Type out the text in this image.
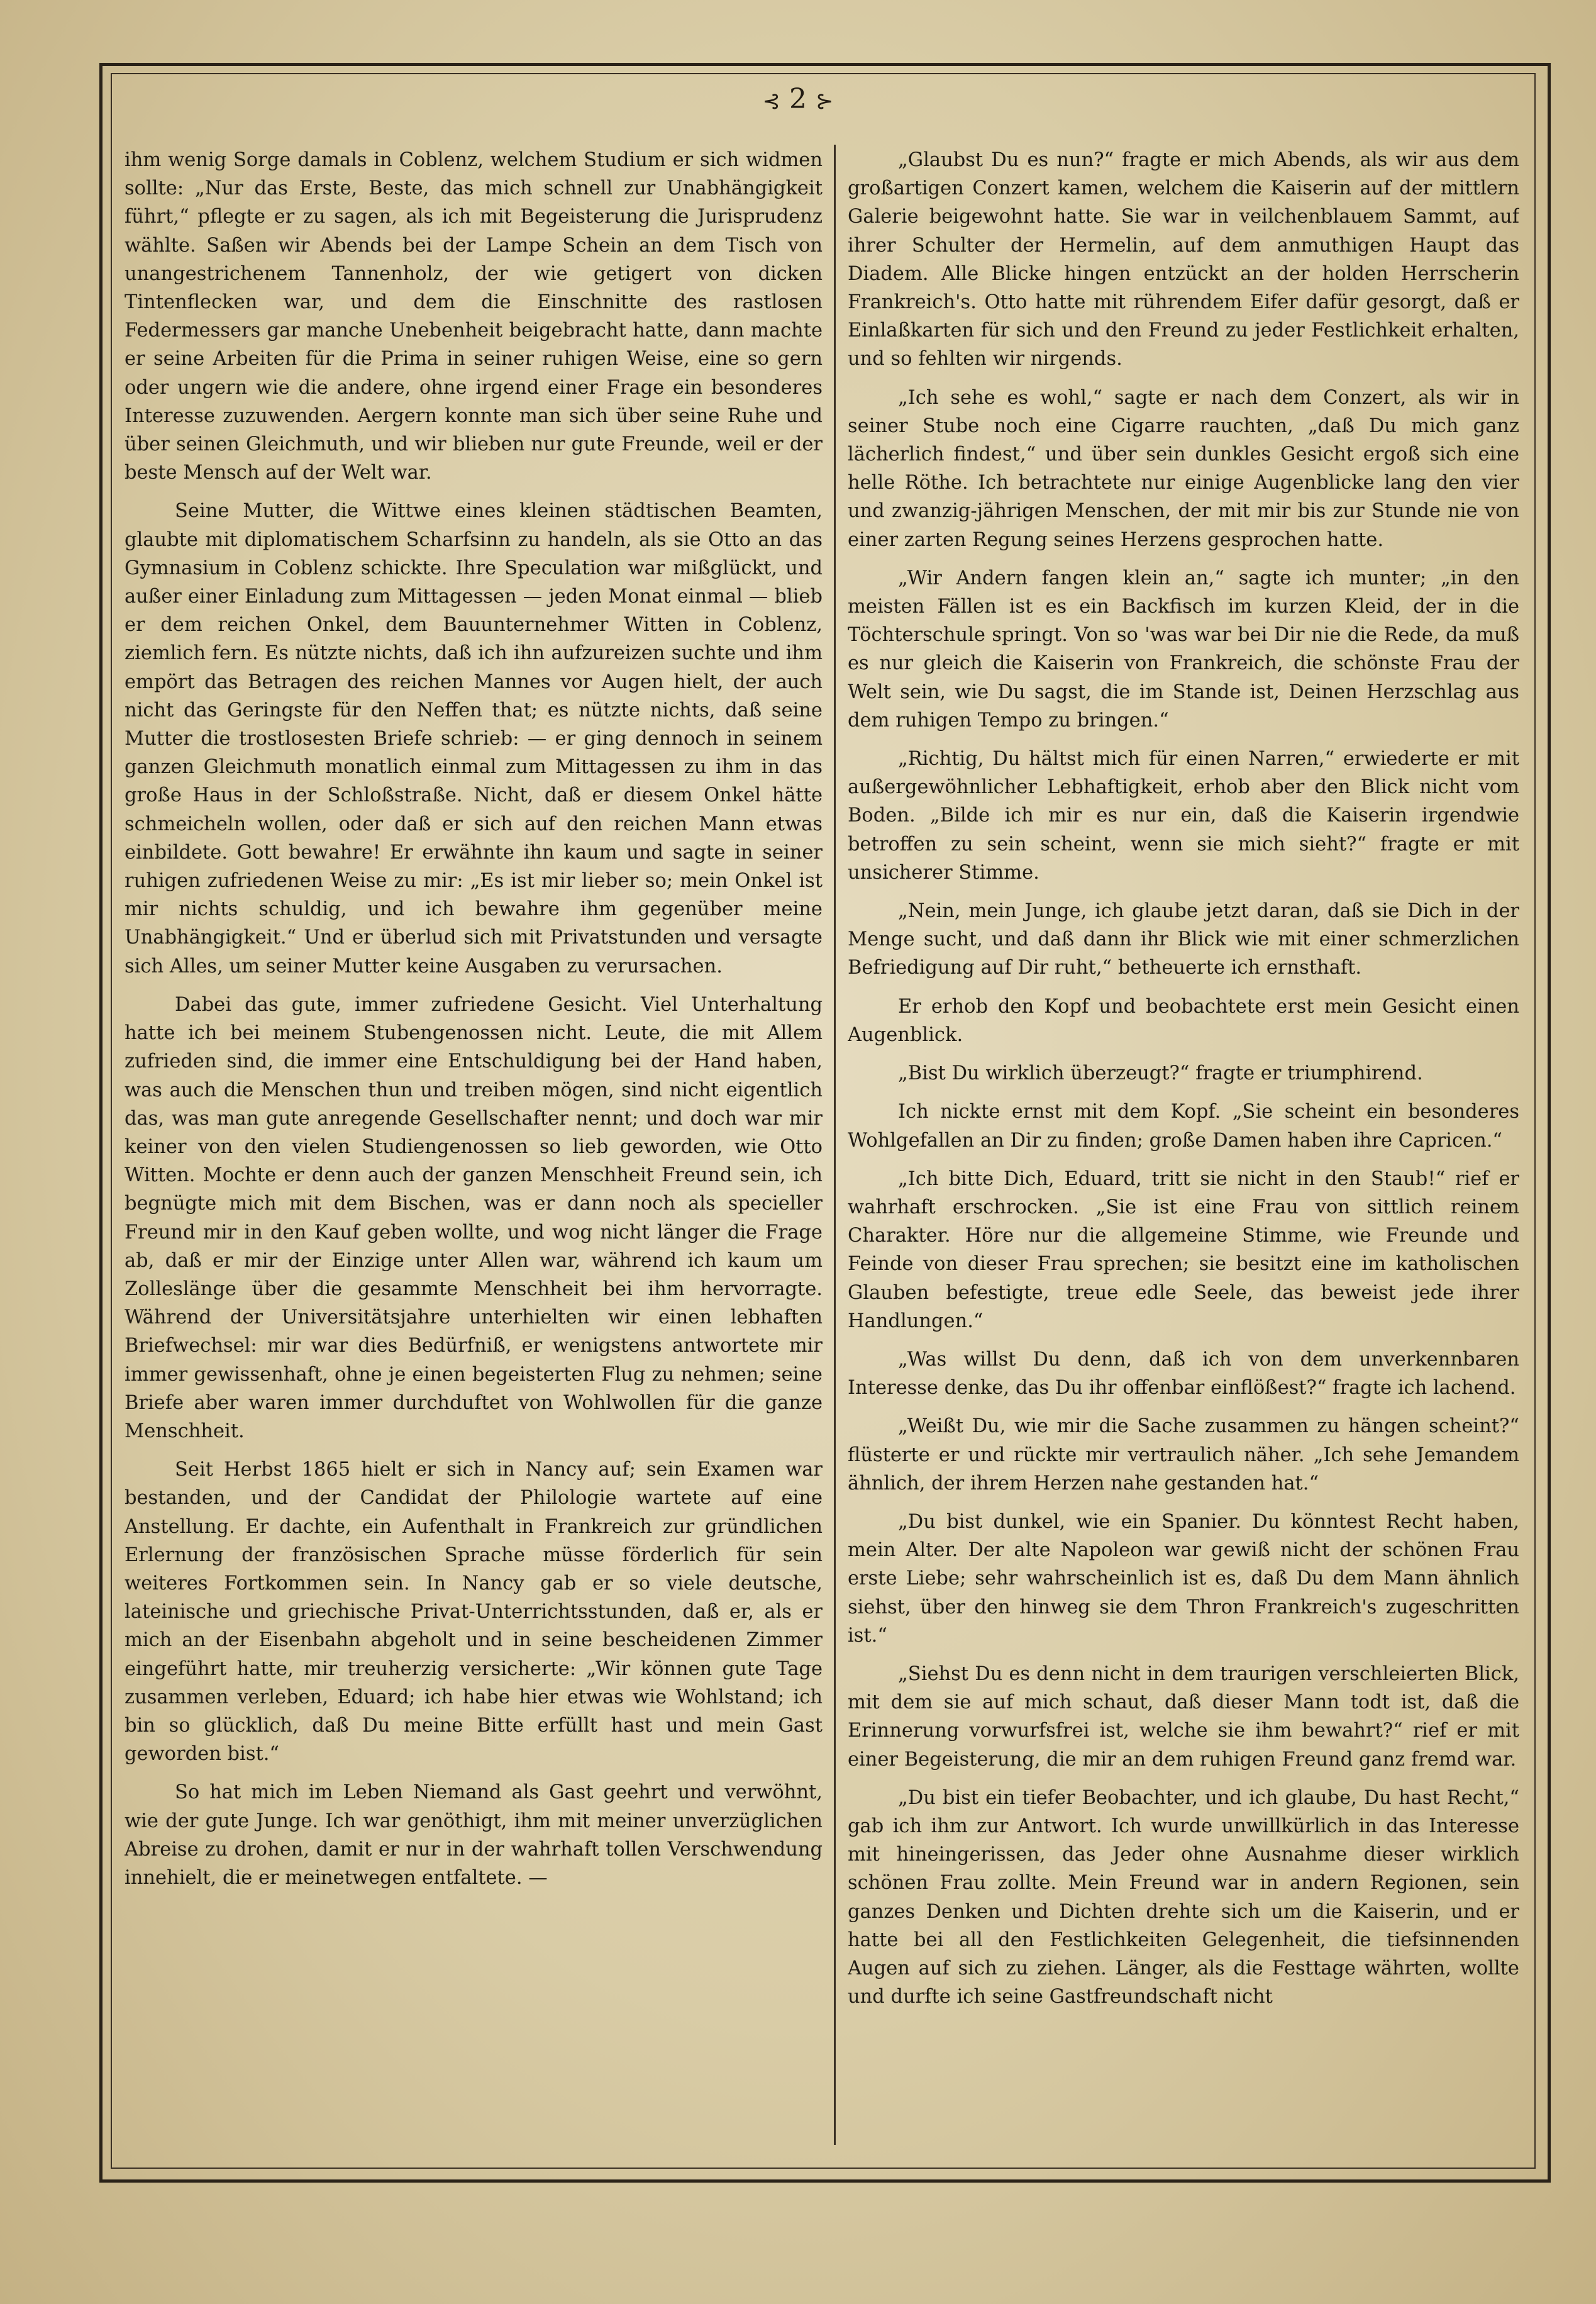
⊰ 2 ⊱

ihm wenig Sorge damals in Coblenz, welchem Studium er sich widmen sollte: „Nur das Erste, Beste, das mich schnell zur Unabhängigkeit führt,“ pflegte er zu sagen, als ich mit Begeisterung die Jurisprudenz wählte. Saßen wir Abends bei der Lampe Schein an dem Tisch von unangestrichenem Tannenholz, der wie getigert von dicken Tintenflecken war, und dem die Einschnitte des rastlosen Federmessers gar manche Unebenheit beigebracht hatte, dann machte er seine Arbeiten für die Prima in seiner ruhigen Weise, eine so gern oder ungern wie die andere, ohne irgend einer Frage ein besonderes Interesse zuzuwenden. Aergern konnte man sich über seine Ruhe und über seinen Gleichmuth, und wir blieben nur gute Freunde, weil er der beste Mensch auf der Welt war.

Seine Mutter, die Wittwe eines kleinen städtischen Beamten, glaubte mit diplomatischem Scharfsinn zu handeln, als sie Otto an das Gymnasium in Coblenz schickte. Ihre Speculation war mißglückt, und außer einer Einladung zum Mittagessen — jeden Monat einmal — blieb er dem reichen Onkel, dem Bauunternehmer Witten in Coblenz, ziemlich fern. Es nützte nichts, daß ich ihn aufzureizen suchte und ihm empört das Betragen des reichen Mannes vor Augen hielt, der auch nicht das Geringste für den Neffen that; es nützte nichts, daß seine Mutter die trostlosesten Briefe schrieb: — er ging dennoch in seinem ganzen Gleichmuth monatlich einmal zum Mittagessen zu ihm in das große Haus in der Schloßstraße. Nicht, daß er diesem Onkel hätte schmeicheln wollen, oder daß er sich auf den reichen Mann etwas einbildete. Gott bewahre! Er erwähnte ihn kaum und sagte in seiner ruhigen zufriedenen Weise zu mir: „Es ist mir lieber so; mein Onkel ist mir nichts schuldig, und ich bewahre ihm gegenüber meine Unabhängigkeit.“ Und er überlud sich mit Privatstunden und versagte sich Alles, um seiner Mutter keine Ausgaben zu verursachen.

Dabei das gute, immer zufriedene Gesicht. Viel Unterhaltung hatte ich bei meinem Stubengenossen nicht. Leute, die mit Allem zufrieden sind, die immer eine Entschuldigung bei der Hand haben, was auch die Menschen thun und treiben mögen, sind nicht eigentlich das, was man gute anregende Gesellschafter nennt; und doch war mir keiner von den vielen Studiengenossen so lieb geworden, wie Otto Witten. Mochte er denn auch der ganzen Menschheit Freund sein, ich begnügte mich mit dem Bischen, was er dann noch als specieller Freund mir in den Kauf geben wollte, und wog nicht länger die Frage ab, daß er mir der Einzige unter Allen war, während ich kaum um Zolleslänge über die gesammte Menschheit bei ihm hervorragte. Während der Universitätsjahre unterhielten wir einen lebhaften Briefwechsel: mir war dies Bedürfniß, er wenigstens antwortete mir immer gewissenhaft, ohne je einen begeisterten Flug zu nehmen; seine Briefe aber waren immer durchduftet von Wohlwollen für die ganze Menschheit.

Seit Herbst 1865 hielt er sich in Nancy auf; sein Examen war bestanden, und der Candidat der Philologie wartete auf eine Anstellung. Er dachte, ein Aufenthalt in Frankreich zur gründlichen Erlernung der französischen Sprache müsse förderlich für sein weiteres Fortkommen sein. In Nancy gab er so viele deutsche, lateinische und griechische Privat-Unterrichtsstunden, daß er, als er mich an der Eisenbahn abgeholt und in seine bescheidenen Zimmer eingeführt hatte, mir treuherzig versicherte: „Wir können gute Tage zusammen verleben, Eduard; ich habe hier etwas wie Wohlstand; ich bin so glücklich, daß Du meine Bitte erfüllt hast und mein Gast geworden bist.“

So hat mich im Leben Niemand als Gast geehrt und verwöhnt, wie der gute Junge. Ich war genöthigt, ihm mit meiner unverzüglichen Abreise zu drohen, damit er nur in der wahrhaft tollen Verschwendung innehielt, die er meinetwegen entfaltete. —

„Glaubst Du es nun?“ fragte er mich Abends, als wir aus dem großartigen Conzert kamen, welchem die Kaiserin auf der mittlern Galerie beigewohnt hatte. Sie war in veilchenblauem Sammt, auf ihrer Schulter der Hermelin, auf dem anmuthigen Haupt das Diadem. Alle Blicke hingen entzückt an der holden Herrscherin Frankreich's. Otto hatte mit rührendem Eifer dafür gesorgt, daß er Einlaßkarten für sich und den Freund zu jeder Festlichkeit erhalten, und so fehlten wir nirgends.

„Ich sehe es wohl,“ sagte er nach dem Conzert, als wir in seiner Stube noch eine Cigarre rauchten, „daß Du mich ganz lächerlich findest,“ und über sein dunkles Gesicht ergoß sich eine helle Röthe. Ich betrachtete nur einige Augenblicke lang den vier und zwanzig-jährigen Menschen, der mit mir bis zur Stunde nie von einer zarten Regung seines Herzens gesprochen hatte.

„Wir Andern fangen klein an,“ sagte ich munter; „in den meisten Fällen ist es ein Backfisch im kurzen Kleid, der in die Töchterschule springt. Von so 'was war bei Dir nie die Rede, da muß es nur gleich die Kaiserin von Frankreich, die schönste Frau der Welt sein, wie Du sagst, die im Stande ist, Deinen Herzschlag aus dem ruhigen Tempo zu bringen.“

„Richtig, Du hältst mich für einen Narren,“ erwiederte er mit außergewöhnlicher Lebhaftigkeit, erhob aber den Blick nicht vom Boden. „Bilde ich mir es nur ein, daß die Kaiserin irgendwie betroffen zu sein scheint, wenn sie mich sieht?“ fragte er mit unsicherer Stimme.

„Nein, mein Junge, ich glaube jetzt daran, daß sie Dich in der Menge sucht, und daß dann ihr Blick wie mit einer schmerzlichen Befriedigung auf Dir ruht,“ betheuerte ich ernsthaft.

Er erhob den Kopf und beobachtete erst mein Gesicht einen Augenblick.

„Bist Du wirklich überzeugt?“ fragte er triumphirend.

Ich nickte ernst mit dem Kopf. „Sie scheint ein besonderes Wohlgefallen an Dir zu finden; große Damen haben ihre Capricen.“

„Ich bitte Dich, Eduard, tritt sie nicht in den Staub!“ rief er wahrhaft erschrocken. „Sie ist eine Frau von sittlich reinem Charakter. Höre nur die allgemeine Stimme, wie Freunde und Feinde von dieser Frau sprechen; sie besitzt eine im katholischen Glauben befestigte, treue edle Seele, das beweist jede ihrer Handlungen.“

„Was willst Du denn, daß ich von dem unverkennbaren Interesse denke, das Du ihr offenbar einflößest?“ fragte ich lachend.

„Weißt Du, wie mir die Sache zusammen zu hängen scheint?“ flüsterte er und rückte mir vertraulich näher. „Ich sehe Jemandem ähnlich, der ihrem Herzen nahe gestanden hat.“

„Du bist dunkel, wie ein Spanier. Du könntest Recht haben, mein Alter. Der alte Napoleon war gewiß nicht der schönen Frau erste Liebe; sehr wahrscheinlich ist es, daß Du dem Mann ähnlich siehst, über den hinweg sie dem Thron Frankreich's zugeschritten ist.“

„Siehst Du es denn nicht in dem traurigen verschleierten Blick, mit dem sie auf mich schaut, daß dieser Mann todt ist, daß die Erinnerung vorwurfsfrei ist, welche sie ihm bewahrt?“ rief er mit einer Begeisterung, die mir an dem ruhigen Freund ganz fremd war.

„Du bist ein tiefer Beobachter, und ich glaube, Du hast Recht,“ gab ich ihm zur Antwort. Ich wurde unwillkürlich in das Interesse mit hineingerissen, das Jeder ohne Ausnahme dieser wirklich schönen Frau zollte. Mein Freund war in andern Regionen, sein ganzes Denken und Dichten drehte sich um die Kaiserin, und er hatte bei all den Festlichkeiten Gelegenheit, die tiefsinnenden Augen auf sich zu ziehen. Länger, als die Festtage währten, wollte und durfte ich seine Gastfreundschaft nicht
